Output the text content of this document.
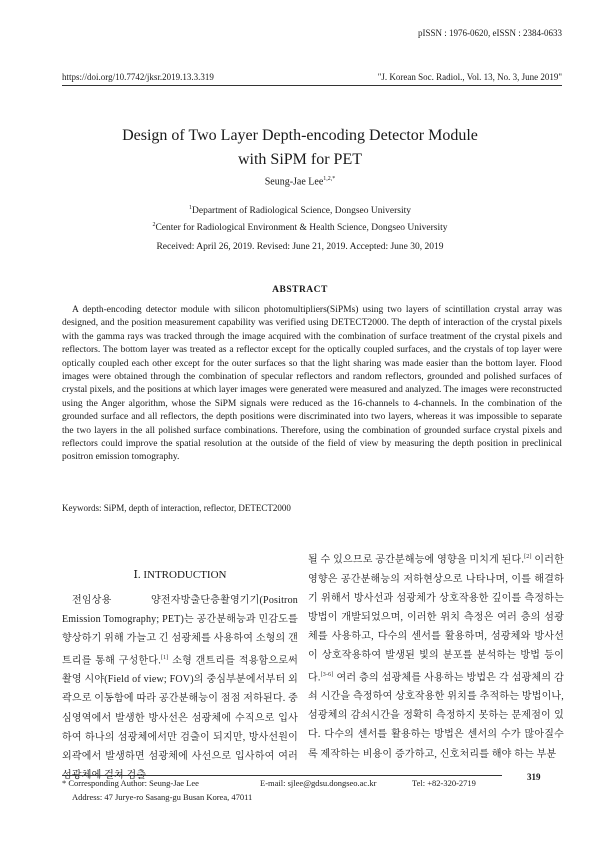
pISSN : 1976-0620, eISSN : 2384-0633
https://doi.org/10.7742/jksr.2019.13.3.319	"J. Korean Soc. Radiol., Vol. 13, No. 3, June 2019"
Design of Two Layer Depth-encoding Detector Module
with SiPM for PET
Seung-Jae Lee$^{1,2,*}$
$^1$Department of Radiological Science, Dongseo University
$^2$Center for Radiological Environment & Health Science, Dongseo University
Received: April 26, 2019. Revised: June 21, 2019. Accepted: June 30, 2019
ABSTRACT
A depth-encoding detector module with silicon photomultipliers(SiPMs) using two layers of scintillation crystal array was designed, and the position measurement capability was verified using DETECT2000. The depth of interaction of the crystal pixels with the gamma rays was tracked through the image acquired with the combination of surface treatment of the crystal pixels and reflectors. The bottom layer was treated as a reflector except for the optically coupled surfaces, and the crystals of top layer were optically coupled each other except for the outer surfaces so that the light sharing was made easier than the bottom layer. Flood images were obtained through the combination of specular reflectors and random reflectors, grounded and polished surfaces of crystal pixels, and the positions at which layer images were generated were measured and analyzed. The images were reconstructed using the Anger algorithm, whose the SiPM signals were reduced as the 16-channels to 4-channels. In the combination of the grounded surface and all reflectors, the depth positions were discriminated into two layers, whereas it was impossible to separate the two layers in the all polished surface combinations. Therefore, using the combination of grounded surface crystal pixels and reflectors could improve the spatial resolution at the outside of the field of view by measuring the depth position in preclinical positron emission tomography.
Keywords: SiPM, depth of interaction, reflector, DETECT2000
Ⅰ. INTRODUCTION
전임상용 양전자방출단층촬영기기(Positron Emission Tomography; PET)는 공간분해능과 민감도를 향상하기 위해 가늘고 긴 섬광체를 사용하여 소형의 갠트리를 통해 구성한다.[1] 소형 갠트리를 적용함으로써 촬영 시야(Field of view; FOV)의 중심부분에서부터 외곽으로 이동함에 따라 공간분해능이 점점 저하된다. 중심영역에서 발생한 방사선은 섬광체에 수직으로 입사하여 하나의 섬광체에서만 검출이 되지만, 방사선원이 외곽에서 발생하면 섬광체에 사선으로 입사하여 여러 섬광체에 걸쳐 검출
될 수 있으므로 공간분해능에 영향을 미치게 된다.[2] 이러한 영향은 공간분해능의 저하현상으로 나타나며, 이를 해결하기 위해서 방사선과 섬광체가 상호작용한 깊이를 측정하는 방법이 개발되었으며, 이러한 위치 측정은 여러 층의 섬광체를 사용하고, 다수의 센서를 활용하며, 섬광체와 방사선이 상호작용하여 발생된 빛의 분포를 분석하는 방법 등이다.[3-6] 여러 층의 섬광체를 사용하는 방법은 각 섬광체의 감쇠 시간을 측정하여 상호작용한 위치를 추적하는 방법이나, 섬광체의 감쇠시간을 정확히 측정하지 못하는 문제점이 있다. 다수의 센서를 활용하는 방법은 센서의 수가 많아질수록 제작하는 비용이 증가하고, 신호처리를 해야 하는 부분
319
* Corresponding Author: Seung-Jae Lee	E-mail: sjlee@gdsu.dongseo.ac.kr	Tel: +82-320-2719
Address: 47 Jurye-ro Sasang-gu Busan Korea, 47011
